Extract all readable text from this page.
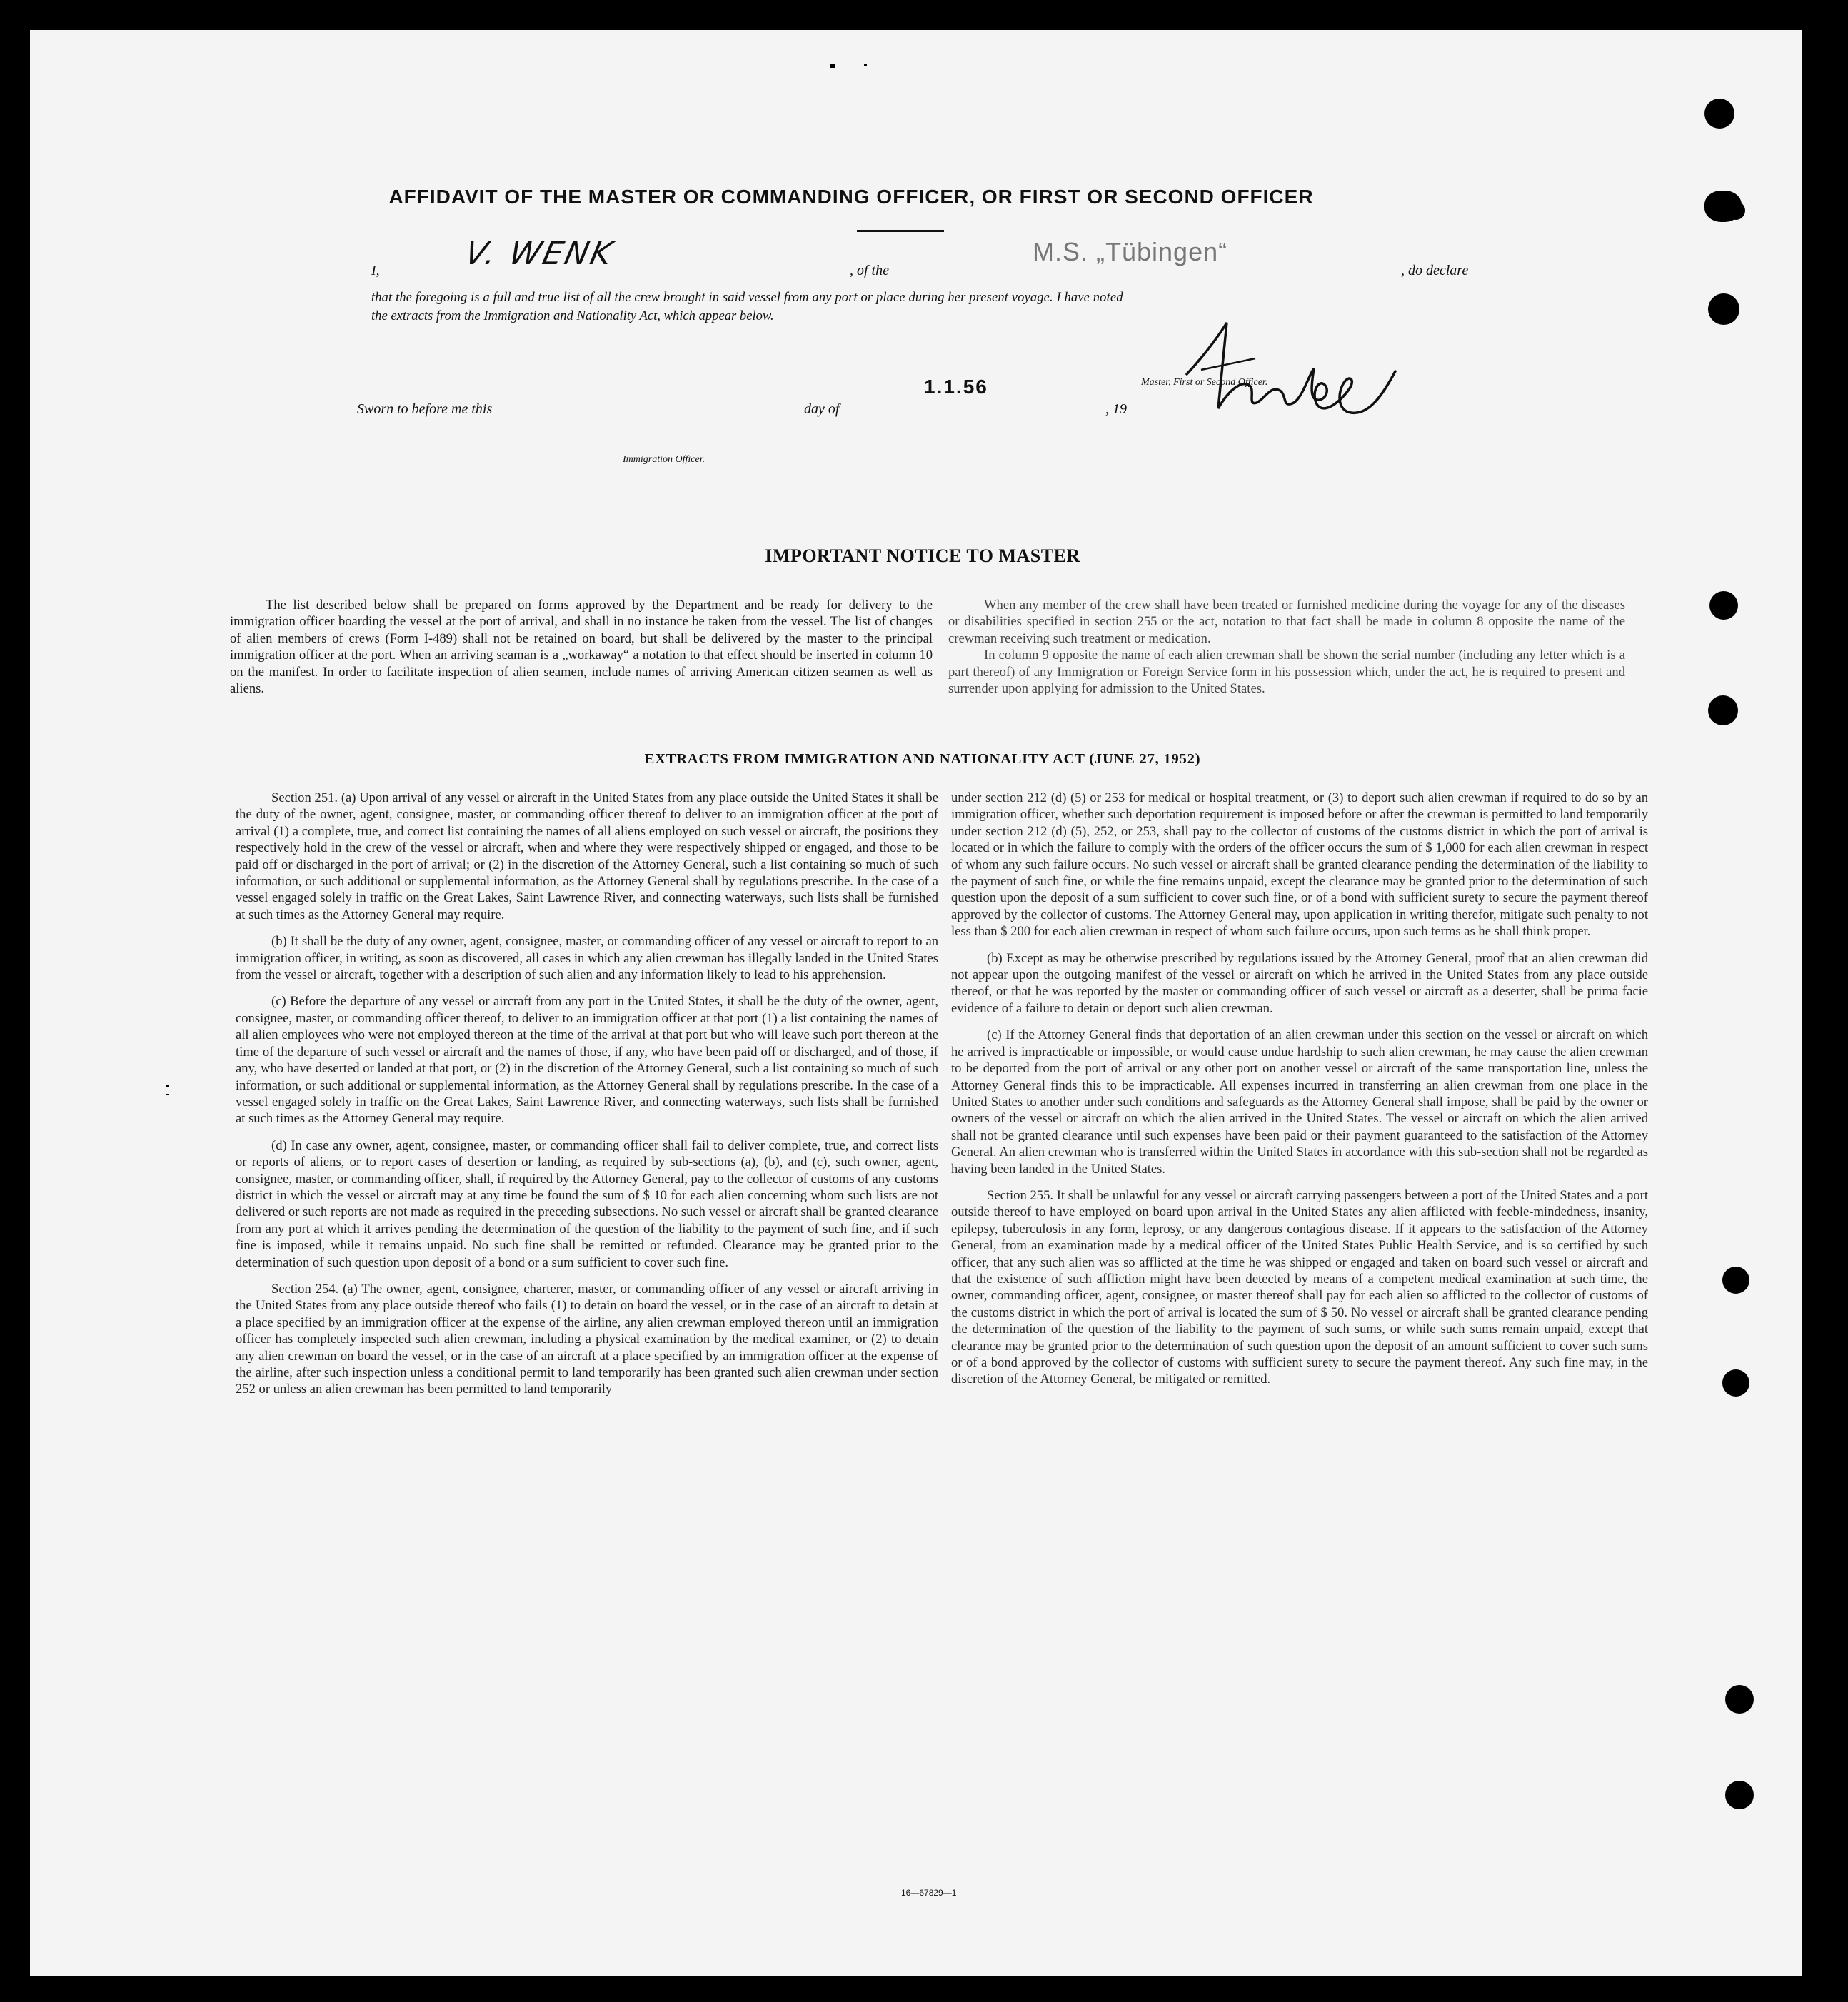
AFFIDAVIT OF THE MASTER OR COMMANDING OFFICER, OR FIRST OR SECOND OFFICER
I,	V. WENK	, of the
M.S. „Tübingen“
, do declare
that the foregoing is a full and true list of all the crew brought in said vessel from any port or place during her present voyage. I have noted
the extracts from the Immigration and Nationality Act, which appear below.
Master, First or Second Officer.
Sworn to before me this
1.1.56
day of	, 19
Immigration Officer.
IMPORTANT NOTICE TO MASTER

The list described below shall be prepared on forms approved by the Department and be ready for delivery to the immigration officer boarding the vessel at the port of arrival, and shall in no instance be taken from the vessel. The list of changes of alien members of crews (Form I-489) shall not be retained on board, but shall be delivered by the master to the principal immigration officer at the port. When an arriving seaman is a „workaway“ a notation to that effect should be inserted in column 10 on the manifest. In order to facilitate inspection of alien seamen, include names of arriving American citizen seamen as well as aliens.

When any member of the crew shall have been treated or furnished medicine during the voyage for any of the diseases or disabilities specified in section 255 or the act, notation to that fact shall be made in column 8 opposite the name of the crewman receiving such treatment or medication.

In column 9 opposite the name of each alien crewman shall be shown the serial number (including any letter which is a part thereof) of any Immigration or Foreign Service form in his possession which, under the act, he is required to present and surrender upon applying for admission to the United States.

EXTRACTS FROM IMMIGRATION AND NATIONALITY ACT (JUNE 27, 1952)

Section 251. (a) Upon arrival of any vessel or aircraft in the United States from any place outside the United States it shall be the duty of the owner, agent, consignee, master, or commanding officer thereof to deliver to an immigration officer at the port of arrival (1) a complete, true, and correct list containing the names of all aliens employed on such vessel or aircraft, the positions they respectively hold in the crew of the vessel or aircraft, when and where they were respectively shipped or engaged, and those to be paid off or discharged in the port of arrival; or (2) in the discretion of the Attorney General, such a list containing so much of such information, or such additional or supplemental information, as the Attorney General shall by regulations prescribe. In the case of a vessel engaged solely in traffic on the Great Lakes, Saint Lawrence River, and connecting waterways, such lists shall be furnished at such times as the Attorney General may require.

(b) It shall be the duty of any owner, agent, consignee, master, or commanding officer of any vessel or aircraft to report to an immigration officer, in writing, as soon as discovered, all cases in which any alien crewman has illegally landed in the United States from the vessel or aircraft, together with a description of such alien and any information likely to lead to his apprehension.

(c) Before the departure of any vessel or aircraft from any port in the United States, it shall be the duty of the owner, agent, consignee, master, or commanding officer thereof, to deliver to an immigration officer at that port (1) a list containing the names of all alien employees who were not employed thereon at the time of the arrival at that port but who will leave such port thereon at the time of the departure of such vessel or aircraft and the names of those, if any, who have been paid off or discharged, and of those, if any, who have deserted or landed at that port, or (2) in the discretion of the Attorney General, such a list containing so much of such information, or such additional or supplemental information, as the Attorney General shall by regulations prescribe. In the case of a vessel engaged solely in traffic on the Great Lakes, Saint Lawrence River, and connecting waterways, such lists shall be furnished at such times as the Attorney General may require.

(d) In case any owner, agent, consignee, master, or commanding officer shall fail to deliver complete, true, and correct lists or reports of aliens, or to report cases of desertion or landing, as required by sub-sections (a), (b), and (c), such owner, agent, consignee, master, or commanding officer, shall, if required by the Attorney General, pay to the collector of customs of any customs district in which the vessel or aircraft may at any time be found the sum of $ 10 for each alien concerning whom such lists are not delivered or such reports are not made as required in the preceding subsections. No such vessel or aircraft shall be granted clearance from any port at which it arrives pending the determination of the question of the liability to the payment of such fine, and if such fine is imposed, while it remains unpaid. No such fine shall be remitted or refunded. Clearance may be granted prior to the determination of such question upon deposit of a bond or a sum sufficient to cover such fine.

Section 254. (a) The owner, agent, consignee, charterer, master, or commanding officer of any vessel or aircraft arriving in the United States from any place outside thereof who fails (1) to detain on board the vessel, or in the case of an aircraft to detain at a place specified by an immigration officer at the expense of the airline, any alien crewman employed thereon until an immigration officer has completely inspected such alien crewman, including a physical examination by the medical examiner, or (2) to detain any alien crewman on board the vessel, or in the case of an aircraft at a place specified by an immigration officer at the expense of the airline, after such inspection unless a conditional permit to land temporarily has been granted such alien crewman under section 252 or unless an alien crewman has been permitted to land temporarily

under section 212 (d) (5) or 253 for medical or hospital treatment, or (3) to deport such alien crewman if required to do so by an immigration officer, whether such deportation requirement is imposed before or after the crewman is permitted to land temporarily under section 212 (d) (5), 252, or 253, shall pay to the collector of customs of the customs district in which the port of arrival is located or in which the failure to comply with the orders of the officer occurs the sum of $ 1,000 for each alien crewman in respect of whom any such failure occurs. No such vessel or aircraft shall be granted clearance pending the determination of the liability to the payment of such fine, or while the fine remains unpaid, except the clearance may be granted prior to the determination of such question upon the deposit of a sum sufficient to cover such fine, or of a bond with sufficient surety to secure the payment thereof approved by the collector of customs. The Attorney General may, upon application in writing therefor, mitigate such penalty to not less than $ 200 for each alien crewman in respect of whom such failure occurs, upon such terms as he shall think proper.

(b) Except as may be otherwise prescribed by regulations issued by the Attorney General, proof that an alien crewman did not appear upon the outgoing manifest of the vessel or aircraft on which he arrived in the United States from any place outside thereof, or that he was reported by the master or commanding officer of such vessel or aircraft as a deserter, shall be prima facie evidence of a failure to detain or deport such alien crewman.

(c) If the Attorney General finds that deportation of an alien crewman under this section on the vessel or aircraft on which he arrived is impracticable or impossible, or would cause undue hardship to such alien crewman, he may cause the alien crewman to be deported from the port of arrival or any other port on another vessel or aircraft of the same transportation line, unless the Attorney General finds this to be impracticable. All expenses incurred in transferring an alien crewman from one place in the United States to another under such conditions and safeguards as the Attorney General shall impose, shall be paid by the owner or owners of the vessel or aircraft on which the alien arrived in the United States. The vessel or aircraft on which the alien arrived shall not be granted clearance until such expenses have been paid or their payment guaranteed to the satisfaction of the Attorney General. An alien crewman who is transferred within the United States in accordance with this sub-section shall not be regarded as having been landed in the United States.

Section 255. It shall be unlawful for any vessel or aircraft carrying passengers between a port of the United States and a port outside thereof to have employed on board upon arrival in the United States any alien afflicted with feeble-mindedness, insanity, epilepsy, tuberculosis in any form, leprosy, or any dangerous contagious disease. If it appears to the satisfaction of the Attorney General, from an examination made by a medical officer of the United States Public Health Service, and is so certified by such officer, that any such alien was so afflicted at the time he was shipped or engaged and taken on board such vessel or aircraft and that the existence of such affliction might have been detected by means of a competent medical examination at such time, the owner, commanding officer, agent, consignee, or master thereof shall pay for each alien so afflicted to the collector of customs of the customs district in which the port of arrival is located the sum of $ 50. No vessel or aircraft shall be granted clearance pending the determination of the question of the liability to the payment of such sums, or while such sums remain unpaid, except that clearance may be granted prior to the determination of such question upon the deposit of an amount sufficient to cover such sums or of a bond approved by the collector of customs with sufficient surety to secure the payment thereof. Any such fine may, in the discretion of the Attorney General, be mitigated or remitted.

16—67829—1
